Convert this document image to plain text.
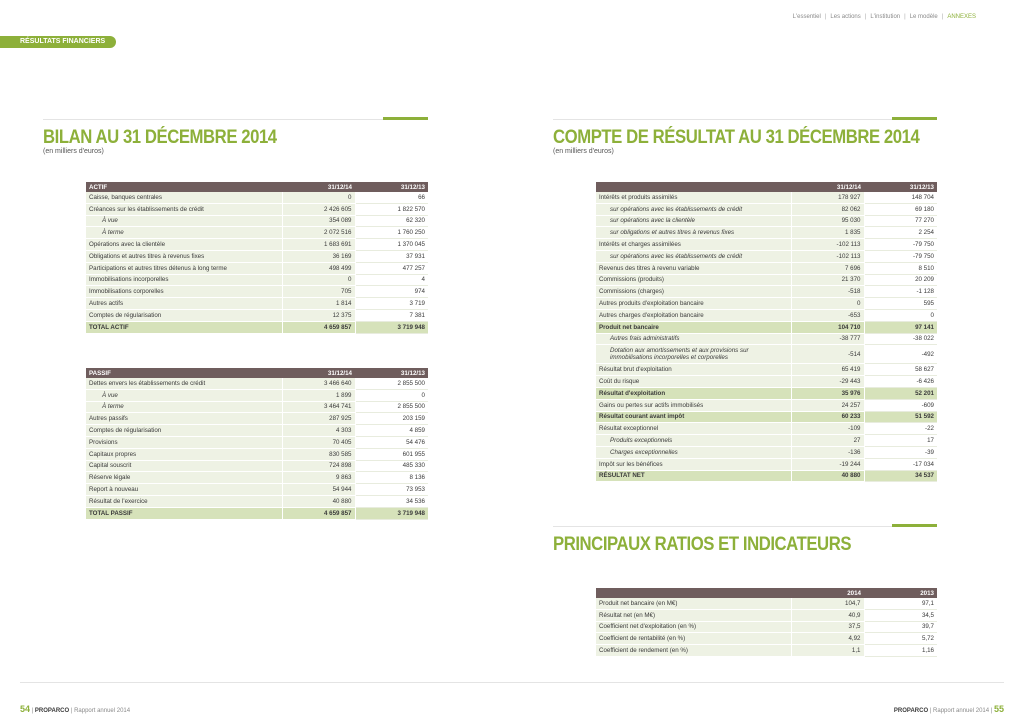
L'essentiel | Les actions | L'institution | Le modèle | ANNEXES
RÉSULTATS FINANCIERS
BILAN AU 31 DÉCEMBRE 2014
(en milliers d'euros)
ACTIF	31/12/14	31/12/13
Caisse, banques centrales	0	66
Créances sur les établissements de crédit	2 426 605	1 822 570
À vue	354 089	62 320
À terme	2 072 516	1 760 250
Opérations avec la clientèle	1 683 691	1 370 045
Obligations et autres titres à revenus fixes	36 169	37 931
Participations et autres titres détenus à long terme	498 499	477 257
Immobilisations incorporelles	0	4
Immobilisations corporelles	705	974
Autres actifs	1 814	3 719
Comptes de régularisation	12 375	7 381
TOTAL ACTIF	4 659 857	3 719 948
PASSIF	31/12/14	31/12/13
Dettes envers les établissements de crédit	3 466 640	2 855 500
À vue	1 899	0
À terme	3 464 741	2 855 500
Autres passifs	287 925	203 159
Comptes de régularisation	4 303	4 859
Provisions	70 405	54 476
Capitaux propres	830 585	601 955
Capital souscrit	724 898	485 330
Réserve légale	9 863	8 136
Report à nouveau	54 944	73 953
Résultat de l'exercice	40 880	34 536
TOTAL PASSIF	4 659 857	3 719 948
COMPTE DE RÉSULTAT AU 31 DÉCEMBRE 2014
(en milliers d'euros)
	31/12/14	31/12/13
Intérêts et produits assimilés	178 927	148 704
sur opérations avec les établissements de crédit	82 062	69 180
sur opérations avec la clientèle	95 030	77 270
sur obligations et autres titres à revenus fixes	1 835	2 254
Intérêts et charges assimilées	-102 113	-79 750
sur opérations avec les établissements de crédit	-102 113	-79 750
Revenus des titres à revenu variable	7 696	8 510
Commissions (produits)	21 370	20 209
Commissions (charges)	-518	-1 128
Autres produits d'exploitation bancaire	0	595
Autres charges d'exploitation bancaire	-653	0
Produit net bancaire	104 710	97 141
Autres frais administratifs	-38 777	-38 022
Dotation aux amortissements et aux provisions sur immobilisations incorporelles et corporelles	-514	-492
Résultat brut d'exploitation	65 419	58 627
Coût du risque	-29 443	-6 426
Résultat d'exploitation	35 976	52 201
Gains ou pertes sur actifs immobilisés	24 257	-609
Résultat courant avant impôt	60 233	51 592
Résultat exceptionnel	-109	-22
Produits exceptionnels	27	17
Charges exceptionnelles	-136	-39
Impôt sur les bénéfices	-19 244	-17 034
RÉSULTAT NET	40 880	34 537
PRINCIPAUX RATIOS ET INDICATEURS
	2014	2013
Produit net bancaire (en M€)	104,7	97,1
Résultat net (en M€)	40,9	34,5
Coefficient net d'exploitation (en %)	37,5	39,7
Coefficient de rentabilité (en %)	4,92	5,72
Coefficient de rendement (en %)	1,1	1,16
54 | PROPARCO | Rapport annuel 2014	PROPARCO | Rapport annuel 2014 | 55
